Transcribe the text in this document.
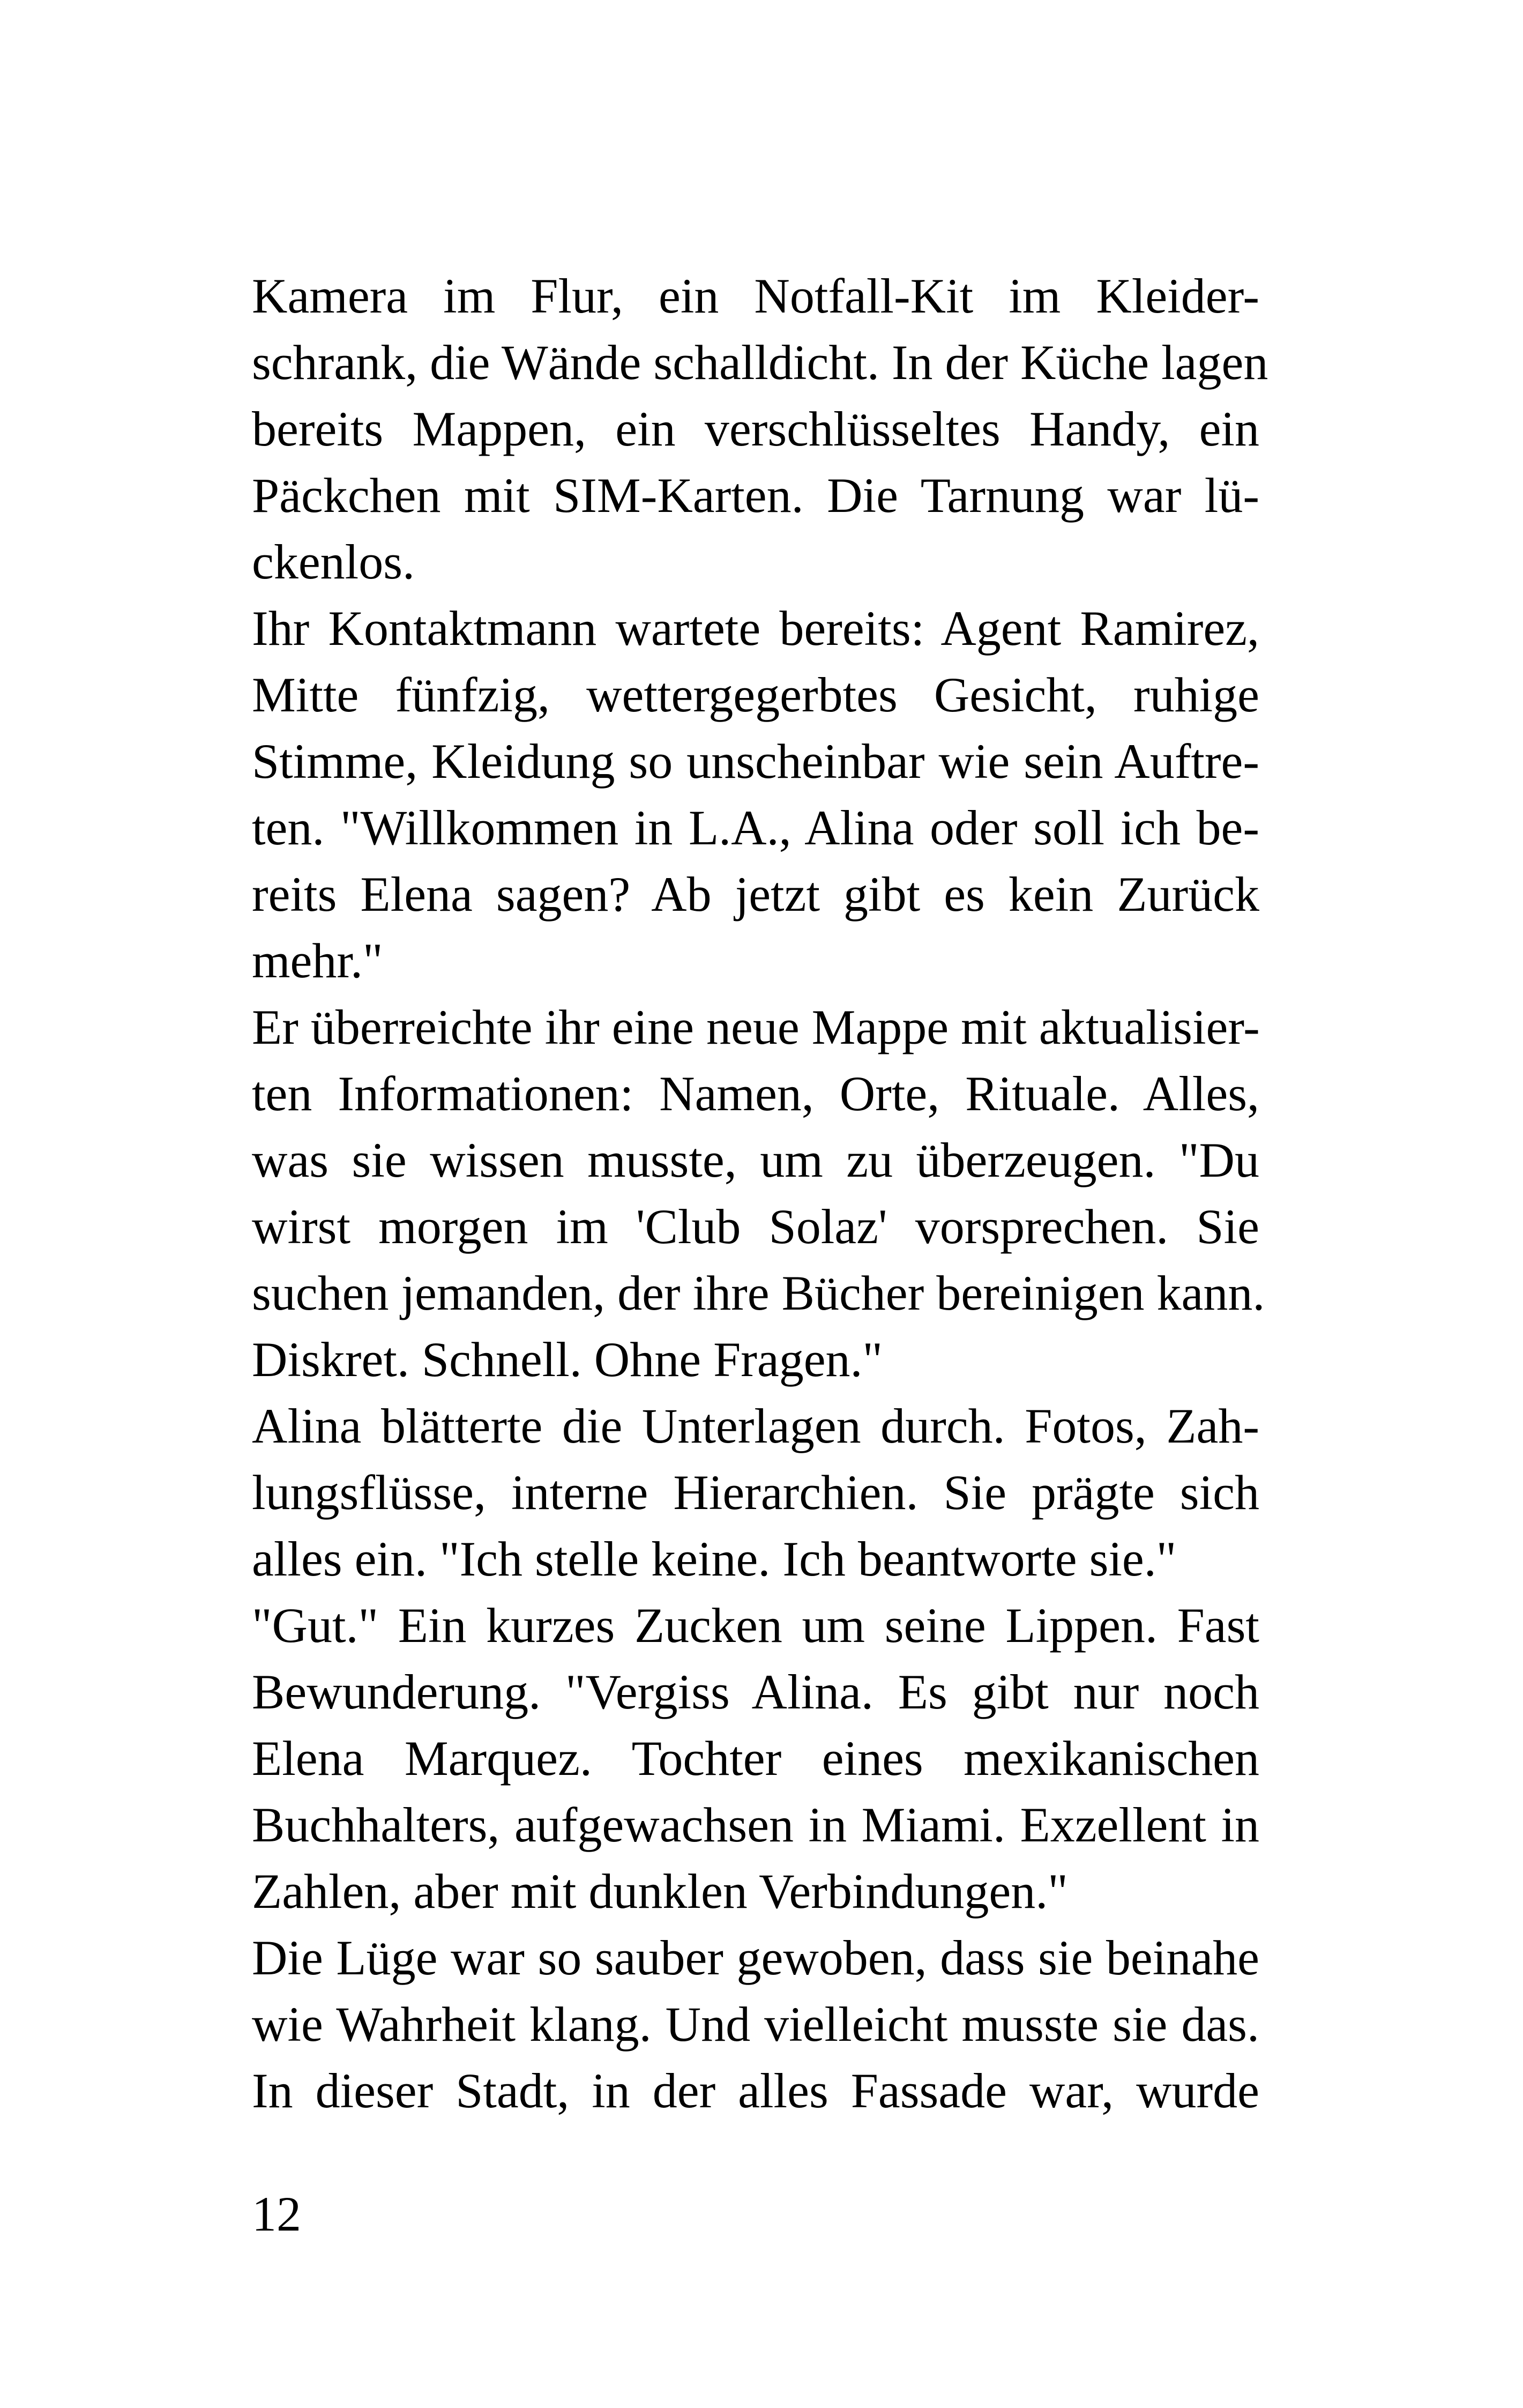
Kamera im Flur, ein Notfall-Kit im Kleider-
schrank, die Wände schalldicht. In der Küche lagen
bereits Mappen, ein verschlüsseltes Handy, ein
Päckchen mit SIM-Karten. Die Tarnung war lü-
ckenlos.
Ihr Kontaktmann wartete bereits: Agent Ramirez,
Mitte fünfzig, wettergegerbtes Gesicht, ruhige
Stimme, Kleidung so unscheinbar wie sein Auftre-
ten. "Willkommen in L.A., Alina oder soll ich be-
reits Elena sagen? Ab jetzt gibt es kein Zurück
mehr."
Er überreichte ihr eine neue Mappe mit aktualisier-
ten Informationen: Namen, Orte, Rituale. Alles,
was sie wissen musste, um zu überzeugen. "Du
wirst morgen im 'Club Solaz' vorsprechen. Sie
suchen jemanden, der ihre Bücher bereinigen kann.
Diskret. Schnell. Ohne Fragen."
Alina blätterte die Unterlagen durch. Fotos, Zah-
lungsflüsse, interne Hierarchien. Sie prägte sich
alles ein. "Ich stelle keine. Ich beantworte sie."
"Gut." Ein kurzes Zucken um seine Lippen. Fast
Bewunderung. "Vergiss Alina. Es gibt nur noch
Elena Marquez. Tochter eines mexikanischen
Buchhalters, aufgewachsen in Miami. Exzellent in
Zahlen, aber mit dunklen Verbindungen."
Die Lüge war so sauber gewoben, dass sie beinahe
wie Wahrheit klang. Und vielleicht musste sie das.
In dieser Stadt, in der alles Fassade war, wurde
12
